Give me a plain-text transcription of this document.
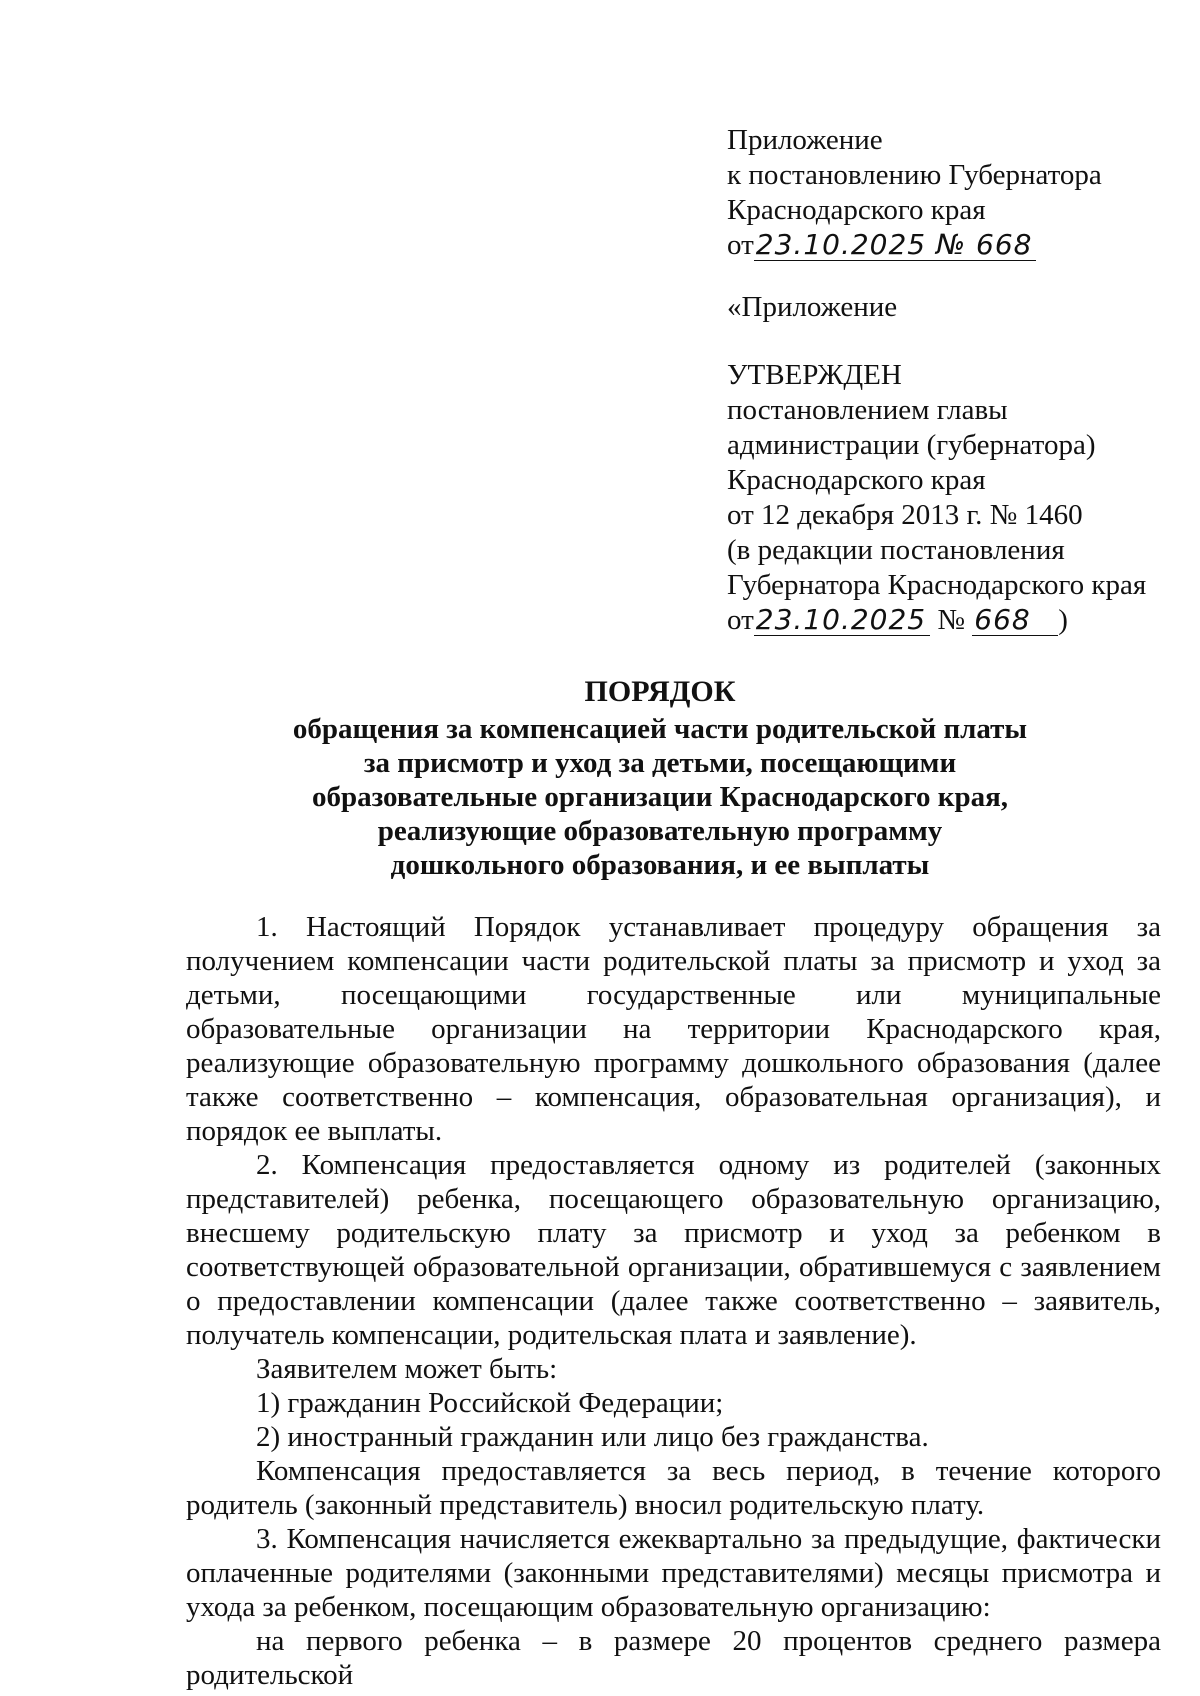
Приложение
к постановлению Губернатора
Краснодарского края
от23.10.2025 № 668
«Приложение
УТВЕРЖДЕН
постановлением главы
администрации (губернатора)
Краснодарского края
от 12 декабря 2013 г. № 1460
(в редакции постановления
Губернатора Краснодарского края
от23.10.2025 № 668 )
ПОРЯДОК
обращения за компенсацией части родительской платы
за присмотр и уход за детьми, посещающими
образовательные организации Краснодарского края,
реализующие образовательную программу
дошкольного образования, и ее выплаты

1. Настоящий Порядок устанавливает процедуру обращения за получением компенсации части родительской платы за присмотр и уход за детьми, посещающими государственные или муниципальные образовательные организации на территории Краснодарского края, реализующие образовательную программу дошкольного образования (далее также соответственно – компенсация, образовательная организация), и порядок ее выплаты.

2. Компенсация предоставляется одному из родителей (законных представителей) ребенка, посещающего образовательную организацию, внесшему родительскую плату за присмотр и уход за ребенком в соответствующей образовательной организации, обратившемуся с заявлением о предоставлении компенсации (далее также соответственно – заявитель, получатель компенсации, родительская плата и заявление).

Заявителем может быть:

1) гражданин Российской Федерации;

2) иностранный гражданин или лицо без гражданства.

Компенсация предоставляется за весь период, в течение которого родитель (законный представитель) вносил родительскую плату.

3. Компенсация начисляется ежеквартально за предыдущие, фактически оплаченные родителями (законными представителями) месяцы присмотра и ухода за ребенком, посещающим образовательную организацию:

на первого ребенка – в размере 20 процентов среднего размера родительской
